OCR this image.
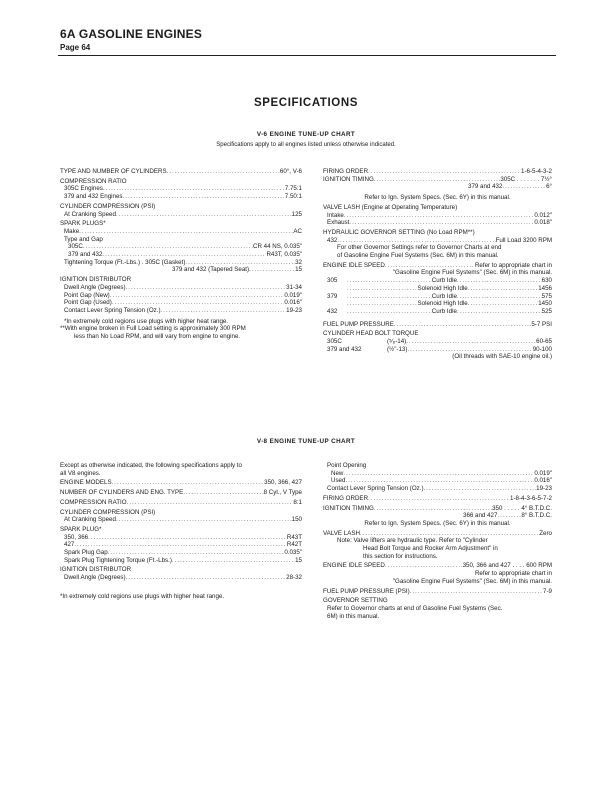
6A GASOLINE ENGINES
Page 64
SPECIFICATIONS
V-6 ENGINE TUNE-UP CHART
Specifications apply to all engines listed unless otherwise indicated.
TYPE AND NUMBER OF CYLINDERS .....	60°, V-6
COMPRESSION RATIO
305C Engines .....	7.75:1
379 and 432 Engines .....	7.50:1
CYLINDER COMPRESSION (PSI)
At Cranking Speed .....	125
SPARK PLUGS*
Make .....	AC
Type and Gap
305C .....	CR 44 NS, 0.035"
379 and 432 .....	R43T, 0.035"
Tightening Torque (Ft.-Lbs.) . 305C (Gasket) .....	32
379 and 432 (Tapered Seat) .....	15
IGNITION DISTRIBUTOR
Dwell Angle (Degrees) .....	31-34
Point Gap (New) .....	0.019"
Point Gap (Used) .....	0.016"
Contact Lever Spring Tension (Oz.) .....	19-23
*In extremely cold regions use plugs with higher heat range.
**With engine broken in Full Load setting is approximately 300 RPM
less than No Load RPM, and will vary from engine to engine.
FIRING ORDER .....	1-6-5-4-3-2
IGNITION TIMING .....	305C . . . . . . . 7½°
379 and 432 .....	6°
Refer to Ign. System Specs. (Sec. 6Y) in this manual.
VALVE LASH (Engine at Operating Temperature)
Intake .....	0.012"
Exhaust .....	0.018"
HYDRAULIC GOVERNOR SETTING (No Load RPM**)
432 .....	Full Load 3200 RPM
For other Governor Settings refer to Governor Charts at end
of Gasoline Engine Fuel Systems (Sec. 6M) in this manual.
ENGINE IDLE SPEED .....	Refer to appropriate chart in
"Gasoline Engine Fuel Systems" (Sec. 6M) in this manual.
305 .....	Curb Idle .....	630
.....
Solenoid High Idle .....	1456
379 .....	Curb Idle .....	575
.....
Solenoid High Idle .....	1450
432 .....	Curb Idle .....	525
FUEL PUMP PRESSURE .....	5-7 PSI
CYLINDER HEAD BOLT TORQUE
305C	(⁵⁄₈-14) .....	60-65
379 and 432	(½"-13) .....	90-100
(Oil threads with SAE-10 engine oil.)
V-8 ENGINE TUNE-UP CHART
Except as otherwise indicated, the following specifications apply to
all V8 engines.
ENGINE MODELS .....	350, 366, 427
NUMBER OF CYLINDERS AND ENG. TYPE .....	8 Cyl., V Type
COMPRESSION RATIO .....	8:1
CYLINDER COMPRESSION (PSI)
At Cranking Speed .....	150
SPARK PLUG*
350, 366 .....	R43T
427 .....	R42T
Spark Plug Gap .....	0.035"
Spark Plug Tightening Torque (Ft.-Lbs.) .....	15
IGNITION DISTRIBUTOR
Dwell Angle (Degrees) .....	28-32
*In extremely cold regions use plugs with higher heat range.
Point Opening
New .....	0.019"
Used .....	0.016"
Contact Lever Spring Tension (Oz.) .....	19-23
FIRING ORDER .....	1-8-4-3-6-5-7-2
IGNITION TIMING .....	350 . . . . . 4° B.T.D.C.
366 and 427 .....	8° B.T.D.C.
Refer to Ign. System Specs. (Sec. 6Y) in this manual.
VALVE LASH .....	Zero
Note: Valve lifters are hydraulic type. Refer to "Cylinder
Head Bolt Torque and Rocker Arm Adjustment" in
this section for instructions.
ENGINE IDLE SPEED .....	350, 366 and 427 . . . . 600 RPM
Refer to appropriate chart in
"Gasoline Engine Fuel Systems" (Sec. 6M) in this manual.
FUEL PUMP PRESSURE (PSI) .....	7-9
GOVERNOR SETTING
Refer to Governor charts at end of Gasoline Fuel Systems (Sec.
6M) in this manual.
